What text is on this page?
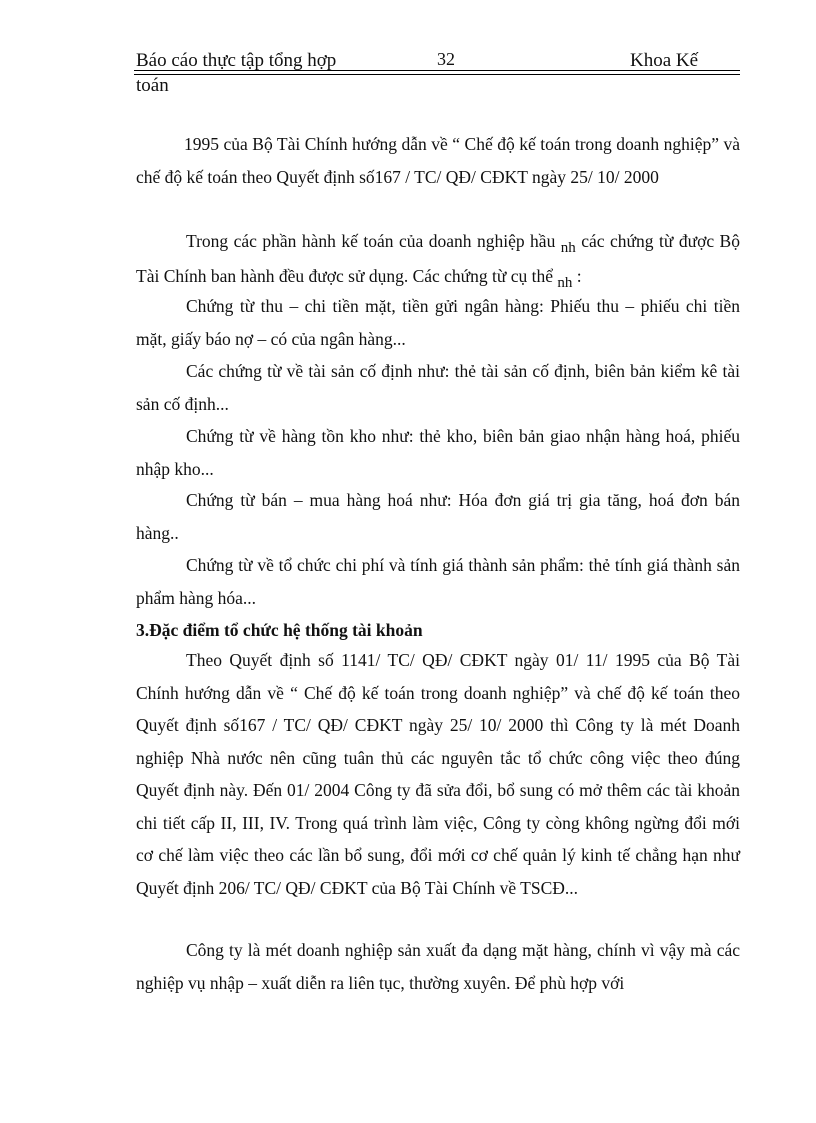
Báo cáo thực tập tổng hợp	32	Khoa Kế
toán

1995 của Bộ Tài Chính hướng dẫn về “ Chế độ kế toán trong doanh nghiệp” và chế độ kế toán theo Quyết định số167 / TC/ QĐ/ CĐKT ngày 25/ 10/ 2000

Trong các phần hành kế toán của doanh nghiệp hầu nh các chứng từ được Bộ Tài Chính ban hành đều được sử dụng. Các chứng từ cụ thể nh :

Chứng từ thu – chi tiền mặt, tiền gửi ngân hàng: Phiếu thu – phiếu chi tiền mặt, giấy báo nợ – có của ngân hàng...

Các chứng từ về tài sản cố định như: thẻ tài sản cố định, biên bản kiểm kê tài sản cố định...

Chứng từ về hàng tồn kho như: thẻ kho, biên bản giao nhận hàng hoá, phiếu nhập kho...

Chứng từ bán – mua hàng hoá như: Hóa đơn giá trị gia tăng, hoá đơn bán hàng..

Chứng từ về tổ chức chi phí và tính giá thành sản phẩm: thẻ tính giá thành sản phẩm hàng hóa...

3.Đặc điểm tổ chức hệ thống tài khoản

Theo Quyết định số 1141/ TC/ QĐ/ CĐKT ngày 01/ 11/ 1995 của Bộ Tài Chính hướng dẫn về “ Chế độ kế toán trong doanh nghiệp” và chế độ kế toán theo Quyết định số167 / TC/ QĐ/ CĐKT ngày 25/ 10/ 2000 thì Công ty là mét Doanh nghiệp Nhà nước nên cũng tuân thủ các nguyên tắc tổ chức công việc theo đúng Quyết định này. Đến 01/ 2004 Công ty đã sửa đổi, bổ sung có mở thêm các tài khoản chi tiết cấp II, III, IV. Trong quá trình làm việc, Công ty còng không ngừng đổi mới cơ chế làm việc theo các lần bổ sung, đổi mới cơ chế quản lý kinh tế chẳng hạn như Quyết định 206/ TC/ QĐ/ CĐKT của Bộ Tài Chính về TSCĐ...

Công ty là mét doanh nghiệp sản xuất đa dạng mặt hàng, chính vì vậy mà các nghiệp vụ nhập – xuất diễn ra liên tục, thường xuyên. Để phù hợp với
